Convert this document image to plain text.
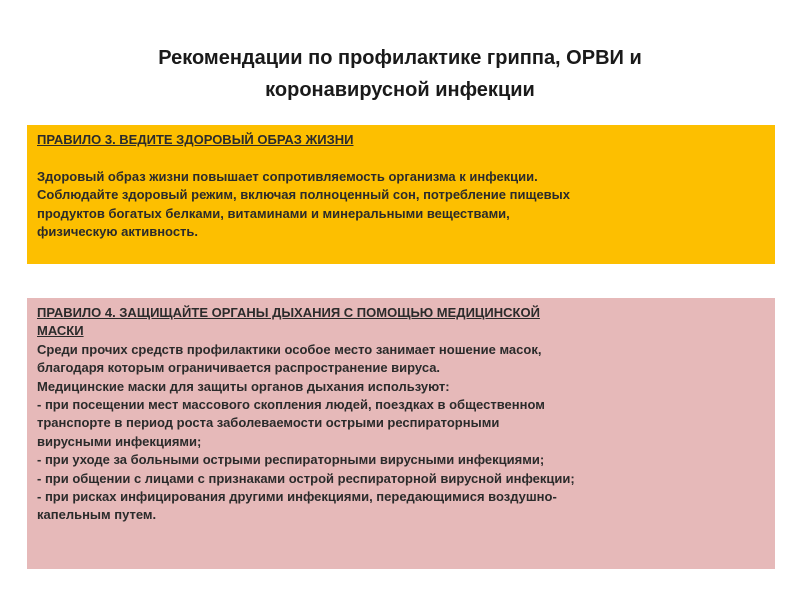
Рекомендации по профилактике гриппа, ОРВИ и
коронавирусной инфекции
ПРАВИЛО 3. ВЕДИТЕ ЗДОРОВЫЙ ОБРАЗ ЖИЗНИ
Здоровый образ жизни повышает сопротивляемость организма к инфекции.
Соблюдайте здоровый режим, включая полноценный сон, потребление пищевых
продуктов богатых белками, витаминами и минеральными веществами,
физическую активность.
ПРАВИЛО 4. ЗАЩИЩАЙТЕ ОРГАНЫ ДЫХАНИЯ С ПОМОЩЬЮ МЕДИЦИНСКОЙ
МАСКИ
Среди прочих средств профилактики особое место занимает ношение масок,
благодаря которым ограничивается распространение вируса.
Медицинские маски для защиты органов дыхания используют:
- при посещении мест массового скопления людей, поездках в общественном
транспорте в период роста заболеваемости острыми респираторными
вирусными инфекциями;
- при уходе за больными острыми респираторными вирусными инфекциями;
- при общении с лицами с признаками острой респираторной вирусной инфекции;
- при рисках инфицирования другими инфекциями, передающимися воздушно-
капельным путем.
